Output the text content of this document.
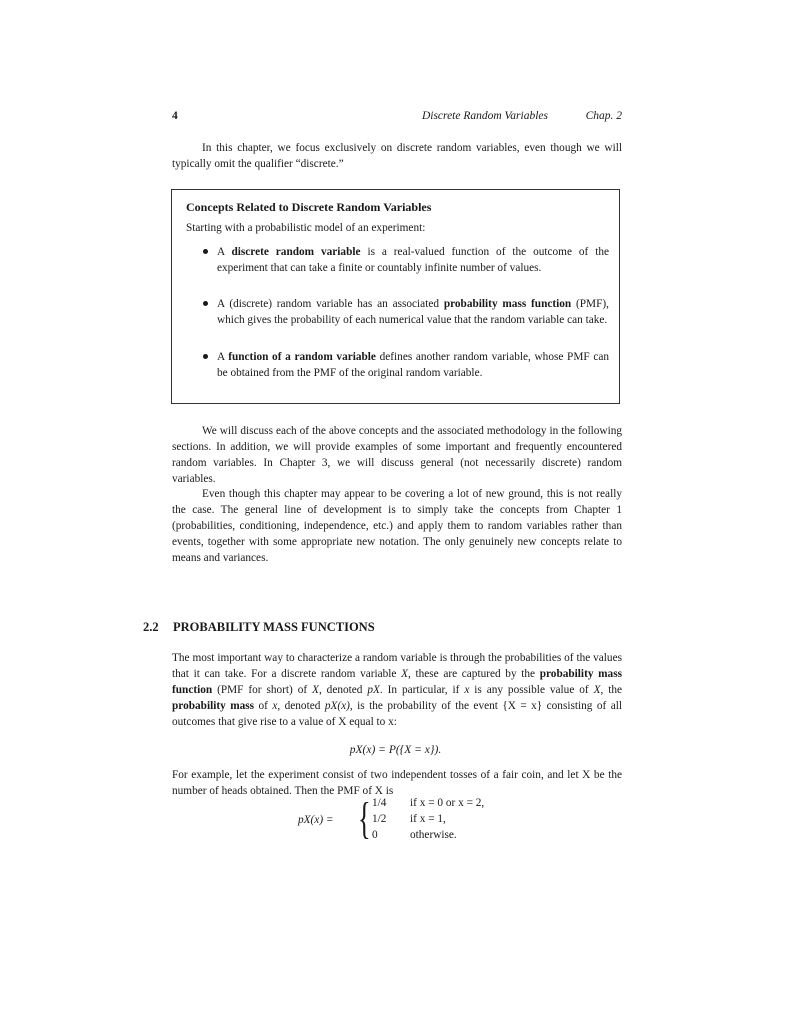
4	Discrete Random Variables	Chap. 2

In this chapter, we focus exclusively on discrete random variables, even though we will typically omit the qualifier “discrete.”

Concepts Related to Discrete Random Variables
Starting with a probabilistic model of an experiment:
A discrete random variable is a real-valued function of the outcome of the experiment that can take a finite or countably infinite number of values.
A (discrete) random variable has an associated probability mass function (PMF), which gives the probability of each numerical value that the random variable can take.
A function of a random variable defines another random variable, whose PMF can be obtained from the PMF of the original random variable.

We will discuss each of the above concepts and the associated methodology in the following sections. In addition, we will provide examples of some important and frequently encountered random variables. In Chapter 3, we will discuss general (not necessarily discrete) random variables.

Even though this chapter may appear to be covering a lot of new ground, this is not really the case. The general line of development is to simply take the concepts from Chapter 1 (probabilities, conditioning, independence, etc.) and apply them to random variables rather than events, together with some appropriate new notation. The only genuinely new concepts relate to means and variances.

2.2 PROBABILITY MASS FUNCTIONS

The most important way to characterize a random variable is through the probabilities of the values that it can take. For a discrete random variable X, these are captured by the probability mass function (PMF for short) of X, denoted pX. In particular, if x is any possible value of X, the probability mass of x, denoted pX(x), is the probability of the event {X = x} consisting of all outcomes that give rise to a value of X equal to x:

pX(x) = P({X = x}).

For example, let the experiment consist of two independent tosses of a fair coin, and let X be the number of heads obtained. Then the PMF of X is

pX(x) = { 1/4 if x = 0 or x = 2,
1/2 if x = 1,
0	otherwise.
